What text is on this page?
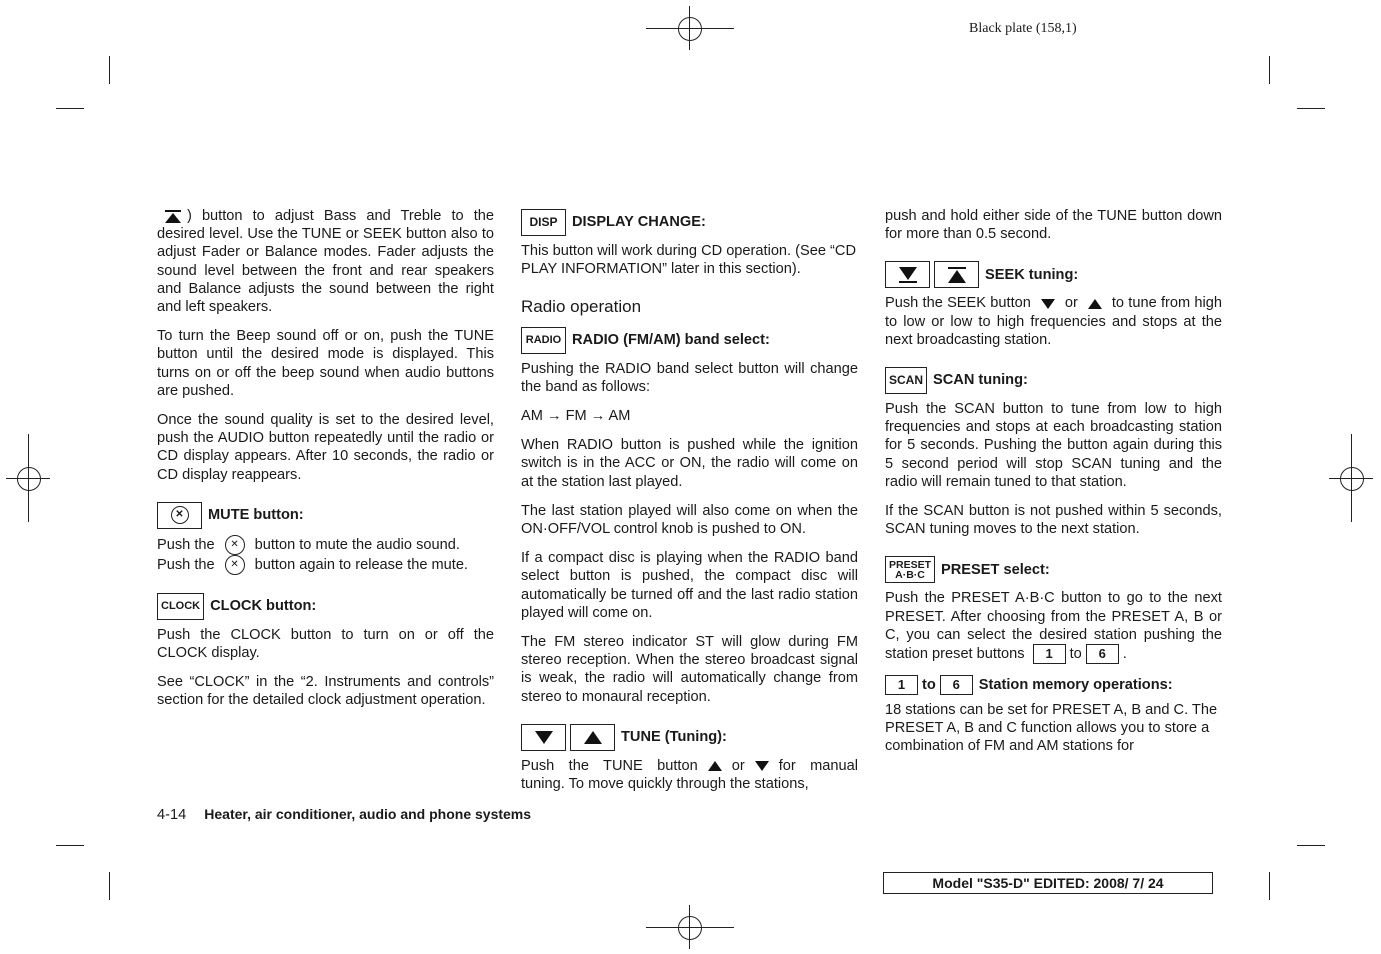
Black plate (158,1)

) button to adjust Bass and Treble to the desired level. Use the TUNE or SEEK button also to adjust Fader or Balance modes. Fader adjusts the sound level between the front and rear speakers and Balance adjusts the sound between the right and left speakers.

To turn the Beep sound off or on, push the TUNE button until the desired mode is displayed. This turns on or off the beep sound when audio buttons are pushed.

Once the sound quality is set to the desired level, push the AUDIO button repeatedly until the radio or CD display appears. After 10 seconds, the radio or CD display reappears.

✕	MUTE button:
Push the ✕ button to mute the audio sound.
Push the ✕ button again to release the mute.
CLOCK CLOCK button:

Push the CLOCK button to turn on or off the CLOCK display.

See “CLOCK” in the “2. Instruments and controls” section for the detailed clock adjustment operation.

DISP DISPLAY CHANGE:

This button will work during CD operation. (See “CD PLAY INFORMATION” later in this section).

Radio operation
RADIO RADIO (FM/AM) band select:

Pushing the RADIO band select button will change the band as follows:

AM → FM → AM

When RADIO button is pushed while the ignition switch is in the ACC or ON, the radio will come on at the station last played.

The last station played will also come on when the ON·OFF/VOL control knob is pushed to ON.

If a compact disc is playing when the RADIO band select button is pushed, the compact disc will automatically be turned off and the last radio station played will come on.

The FM stereo indicator ST will glow during FM stereo reception. When the stereo broadcast signal is weak, the radio will automatically change from stereo to monaural reception.

TUNE (Tuning):

Push the TUNE button or for manual tuning. To move quickly through the stations,

push and hold either side of the TUNE button down for more than 0.5 second.

SEEK tuning:

Push the SEEK button or to tune from high to low or low to high frequencies and stops at the next broadcasting station.

SCAN SCAN tuning:

Push the SCAN button to tune from low to high frequencies and stops at each broadcasting station for 5 seconds. Pushing the button again during this 5 second period will stop SCAN tuning and the radio will remain tuned to that station.

If the SCAN button is not pushed within 5 seconds, SCAN tuning moves to the next station.

PRESET
A·B·C PRESET select:

Push the PRESET A·B·C button to go to the next PRESET. After choosing from the PRESET A, B or C, you can select the desired station pushing the station preset buttons 1 to 6 .

1	to	6	Station memory operations:

18 stations can be set for PRESET A, B and C. The PRESET A, B and C function allows you to store a combination of FM and AM stations for

4-14 Heater, air conditioner, audio and phone systems
Model "S35-D" EDITED: 2008/ 7/ 24
